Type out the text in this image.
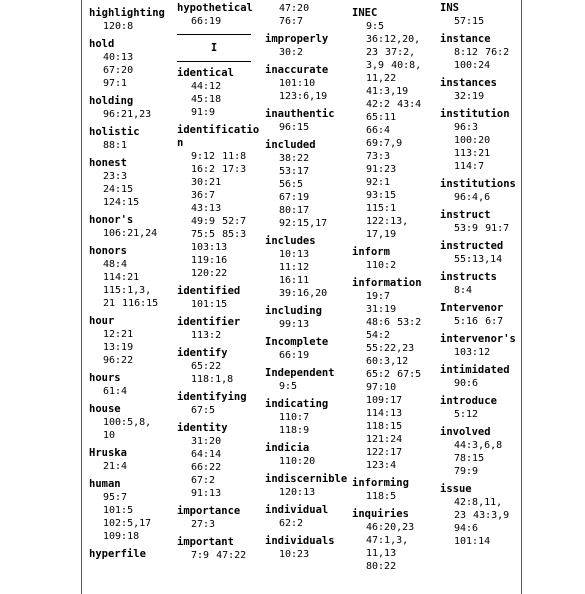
highlighting
120:8
hold
40:13
67:20
97:1
holding
96:21,23
holistic
88:1
honest
23:3
24:15
124:15
honor's
106:21,24
honors
48:4
114:21
115:1,3,
21 116:15
hour
12:21
13:19
96:22
hours
61:4
house
100:5,8,
10
Hruska
21:4
human
95:7
101:5
102:5,17
109:18
hyperfile
hypothetical
66:19
I
identical
44:12
45:18
91:9
identification
9:12 11:8
16:2 17:3
30:21
36:7
43:13
49:9 52:7
75:5 85:3
103:13
119:16
120:22
identified
101:15
identifier
113:2
identify
65:22
118:1,8
identifying
67:5
identity
31:20
64:14
66:22
67:2
91:13
importance
27:3
important
7:9 47:22
47:20
76:7
improperly
30:2
inaccurate
101:10
123:6,19
inauthentic
96:15
included
38:22
53:17
56:5
67:19
80:17
92:15,17
includes
10:13
11:12
16:11
39:16,20
including
99:13
Incomplete
66:19
Independent
9:5
indicating
110:7
118:9
indicia
110:20
indiscernible
120:13
individual
62:2
individuals
10:23
INEC
9:5
36:12,20,
23 37:2,
3,9 40:8,
11,22
41:3,19
42:2 43:4
65:11
66:4
69:7,9
73:3
91:23
92:1
93:15
115:1
122:13,
17,19
inform
110:2
information
19:7
31:19
48:6 53:2
54:2
55:22,23
60:3,12
65:2 67:5
97:10
109:17
114:13
118:15
121:24
122:17
123:4
informing
118:5
inquiries
46:20,23
47:1,3,
11,13
80:22
INS
57:15
instance
8:12 76:2
100:24
instances
32:19
institution
96:3
100:20
113:21
114:7
institutions
96:4,6
instruct
53:9 91:7
instructed
55:13,14
instructs
8:4
Intervenor
5:16 6:7
intervenor's
103:12
intimidated
90:6
introduce
5:12
involved
44:3,6,8
78:15
79:9
issue
42:8,11,
23 43:3,9
94:6
101:14
